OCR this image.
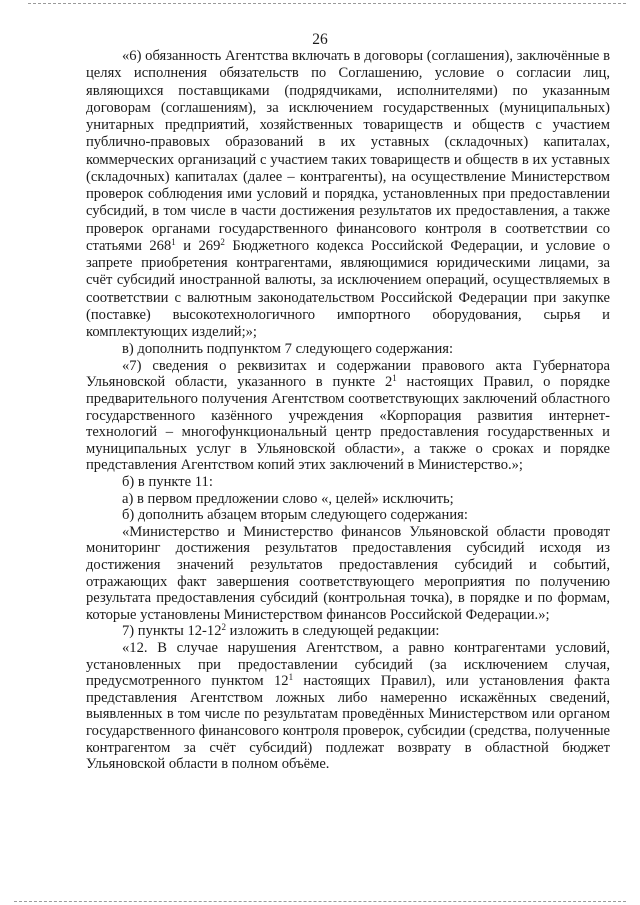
26

«6) обязанность Агентства включать в договоры (соглашения), заключённые в целях исполнения обязательств по Соглашению, условие о согласии лиц, являющихся поставщиками (подрядчиками, исполнителями) по указанным договорам (соглашениям), за исключением государственных (муниципальных) унитарных предприятий, хозяйственных товариществ и обществ с участием публично-правовых образований в их уставных (складочных) капиталах, коммерческих организаций с участием таких товариществ и обществ в их уставных (складочных) капиталах (далее – контрагенты), на осуществление Министерством проверок соблюдения ими условий и порядка, установленных при предоставлении субсидий, в том числе в части достижения результатов их предоставления, а также проверок органами государственного финансового контроля в соответствии со статьями $268^1$ и $269^2$ Бюджетного кодекса Российской Федерации, и условие о запрете приобретения контрагентами, являющимися юридическими лицами, за счёт субсидий иностранной валюты, за исключением операций, осуществляемых в соответствии с валютным законодательством Российской Федерации при закупке (поставке) высокотехнологичного импортного оборудования, сырья и комплектующих изделий;»;

в) дополнить подпунктом 7 следующего содержания:

«7) сведения о реквизитах и содержании правового акта Губернатора Ульяновской области, указанного в пункте $2^1$ настоящих Правил, о порядке предварительного получения Агентством соответствующих заключений областного государственного казённого учреждения «Корпорация развития интернет-технологий – многофункциональный центр предоставления государственных и муниципальных услуг в Ульяновской области», а также о сроках и порядке представления Агентством копий этих заключений в Министерство.»;

б) в пункте 11:

а) в первом предложении слово «, целей» исключить;

б) дополнить абзацем вторым следующего содержания:

«Министерство и Министерство финансов Ульяновской области проводят мониторинг достижения результатов предоставления субсидий исходя из достижения значений результатов предоставления субсидий и событий, отражающих факт завершения соответствующего мероприятия по получению результата предоставления субсидий (контрольная точка), в порядке и по формам, которые установлены Министерством финансов Российской Федерации.»;

7) пункты $12-12^2$ изложить в следующей редакции:

«12. В случае нарушения Агентством, а равно контрагентами условий, установленных при предоставлении субсидий (за исключением случая, предусмотренного пунктом $12^1$ настоящих Правил), или установления факта представления Агентством ложных либо намеренно искажённых сведений, выявленных в том числе по результатам проведённых Министерством или органом государственного финансового контроля проверок, субсидии (средства, полученные контрагентом за счёт субсидий) подлежат возврату в областной бюджет Ульяновской области в полном объёме.
